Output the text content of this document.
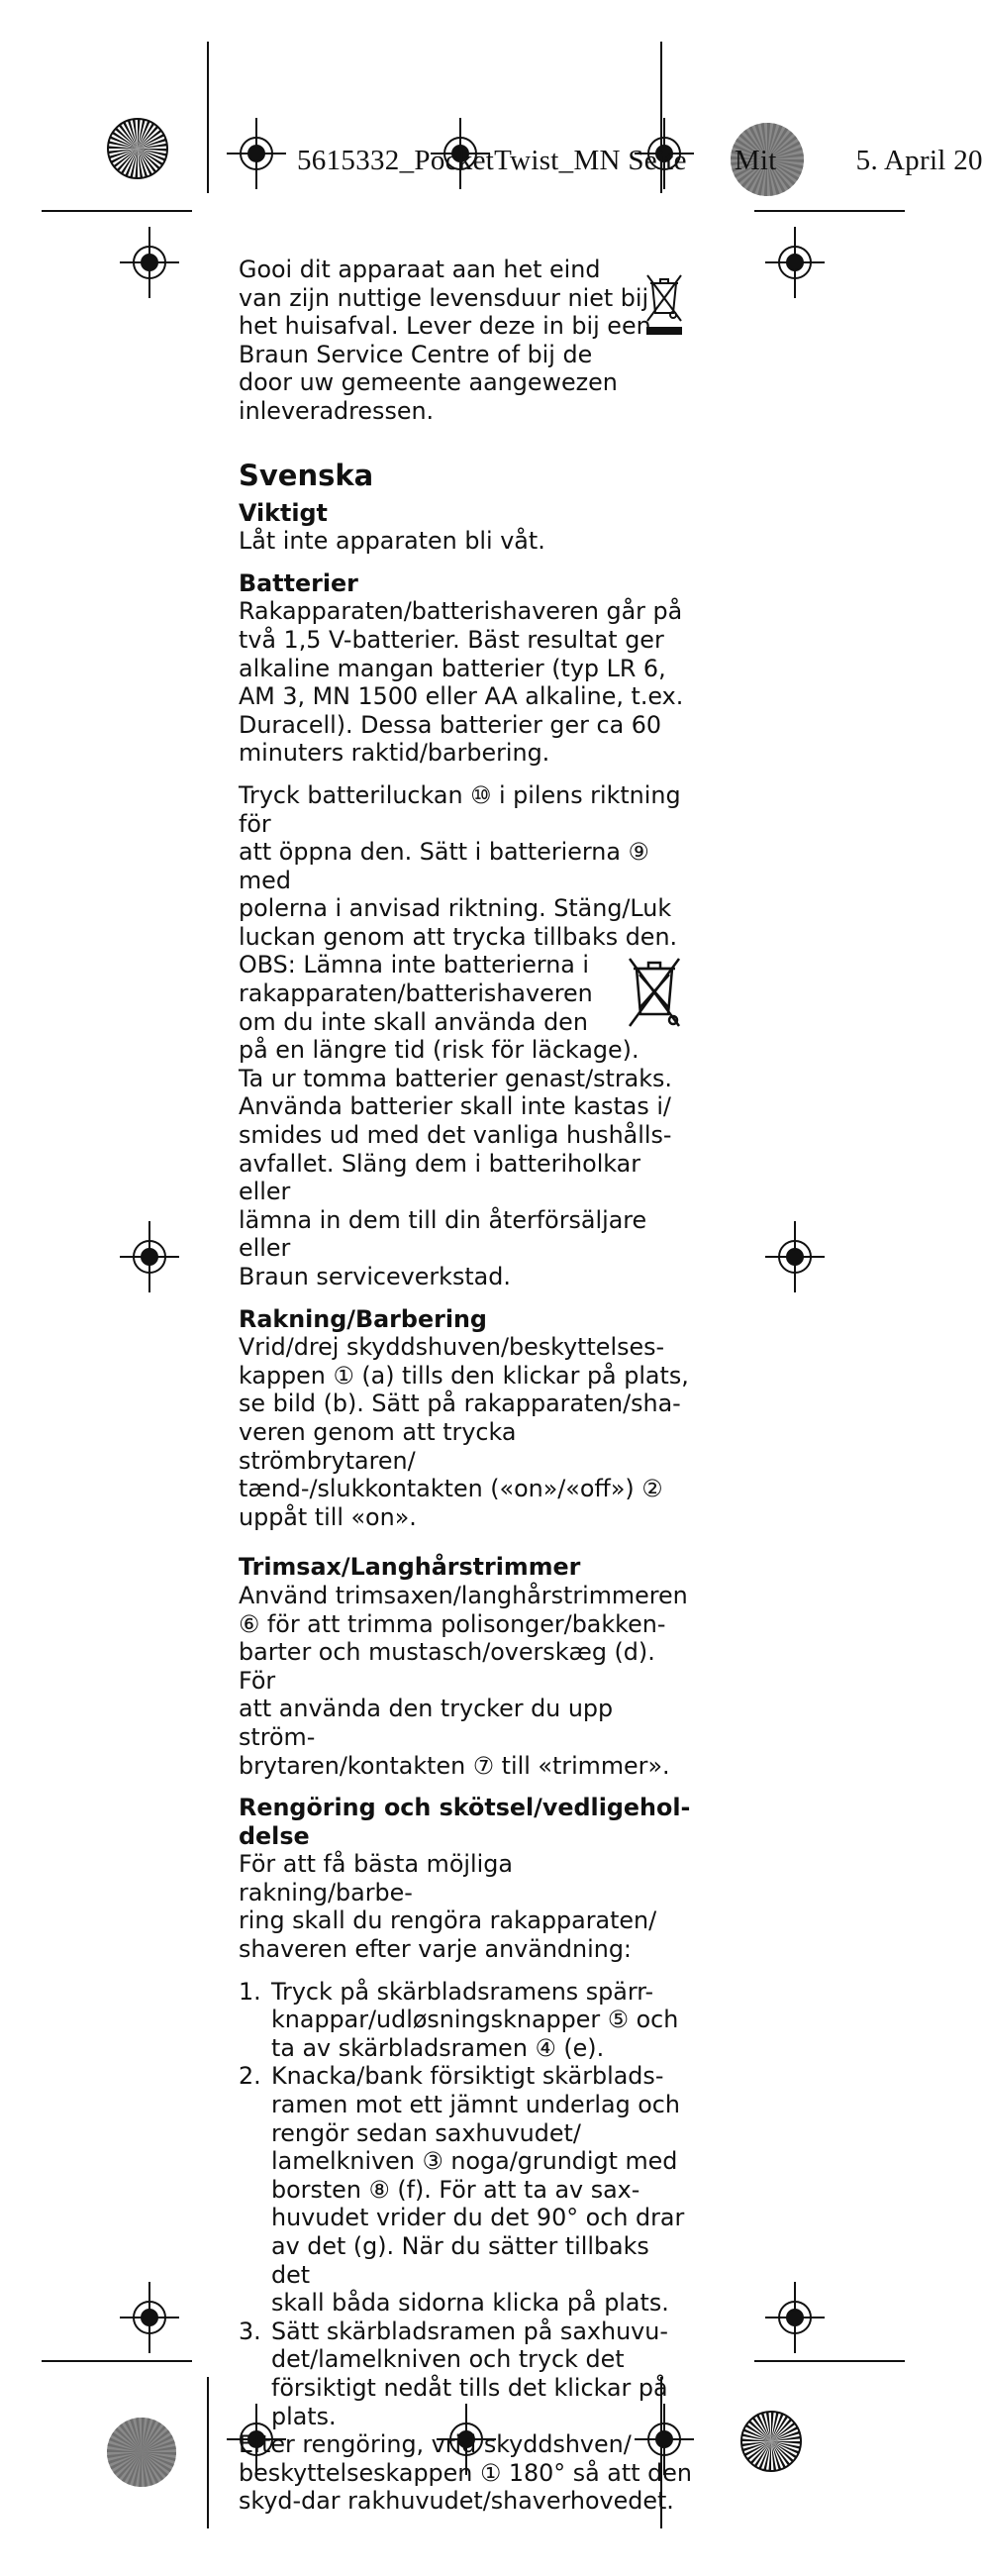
5615332_PocketTwist_MN Seite Mit	5. April 20

Gooi dit apparaat aan het eind

van zijn nuttige levensduur niet bij

het huisafval. Lever deze in bij een

Braun Service Centre of bij de

door uw gemeente aangewezen

inleveradressen.

Svenska
Viktigt

Låt inte apparaten bli våt.

Batterier

Rakapparaten/batterishaveren går på

två 1,5 V-batterier. Bäst resultat ger

alkaline mangan batterier (typ LR 6,

AM 3, MN 1500 eller AA alkaline, t.ex.

Duracell). Dessa batterier ger ca 60

minuters raktid/barbering.

Tryck batteriluckan ⑩ i pilens riktning för

att öppna den. Sätt i batterierna ⑨ med

polerna i anvisad riktning. Stäng/Luk

luckan genom att trycka tillbaks den.

OBS: Lämna inte batterierna i

rakapparaten/batterishaveren

om du inte skall använda den

på en längre tid (risk för läckage).

Ta ur tomma batterier genast/straks.

Använda batterier skall inte kastas i/

smides ud med det vanliga hushålls-

avfallet. Släng dem i batteriholkar eller

lämna in dem till din återförsäljare eller

Braun serviceverkstad.

Rakning/Barbering

Vrid/drej skyddshuven/beskyttelses-

kappen ① (a) tills den klickar på plats,

se bild (b). Sätt på rakapparaten/sha-

veren genom att trycka strömbrytaren/

tænd-/slukkontakten («on»/«off») ②

uppåt till «on».

Trimsax/Langhårstrimmer

Använd trimsaxen/langhårstrimmeren

⑥ för att trimma polisonger/bakken-

barter och mustasch/overskæg (d). För

att använda den trycker du upp ström-

brytaren/kontakten ⑦ till «trimmer».

Rengöring och skötsel/vedligehol-
delse

För att få bästa möjliga rakning/barbe-

ring skall du rengöra rakapparaten/

shaveren efter varje användning:

1. Tryck på skärbladsramens spärr-

knappar/udløsningsknapper ⑤ och

ta av skärbladsramen ④ (e).

2. Knacka/bank försiktigt skärblads-

ramen mot ett jämnt underlag och

rengör sedan saxhuvudet/

lamelkniven ③ noga/grundigt med

borsten ⑧ (f). För att ta av sax-

huvudet vrider du det 90° och drar

av det (g). När du sätter tillbaks det

skall båda sidorna klicka på plats.

3. Sätt skärbladsramen på saxhuvu-

det/lamelkniven och tryck det

försiktigt nedåt tills det klickar på

plats.

Efter rengöring, vrid skyddshven/

beskyttelseskappen ① 180° så att den

skyd-dar rakhuvudet/shaverhovedet.
